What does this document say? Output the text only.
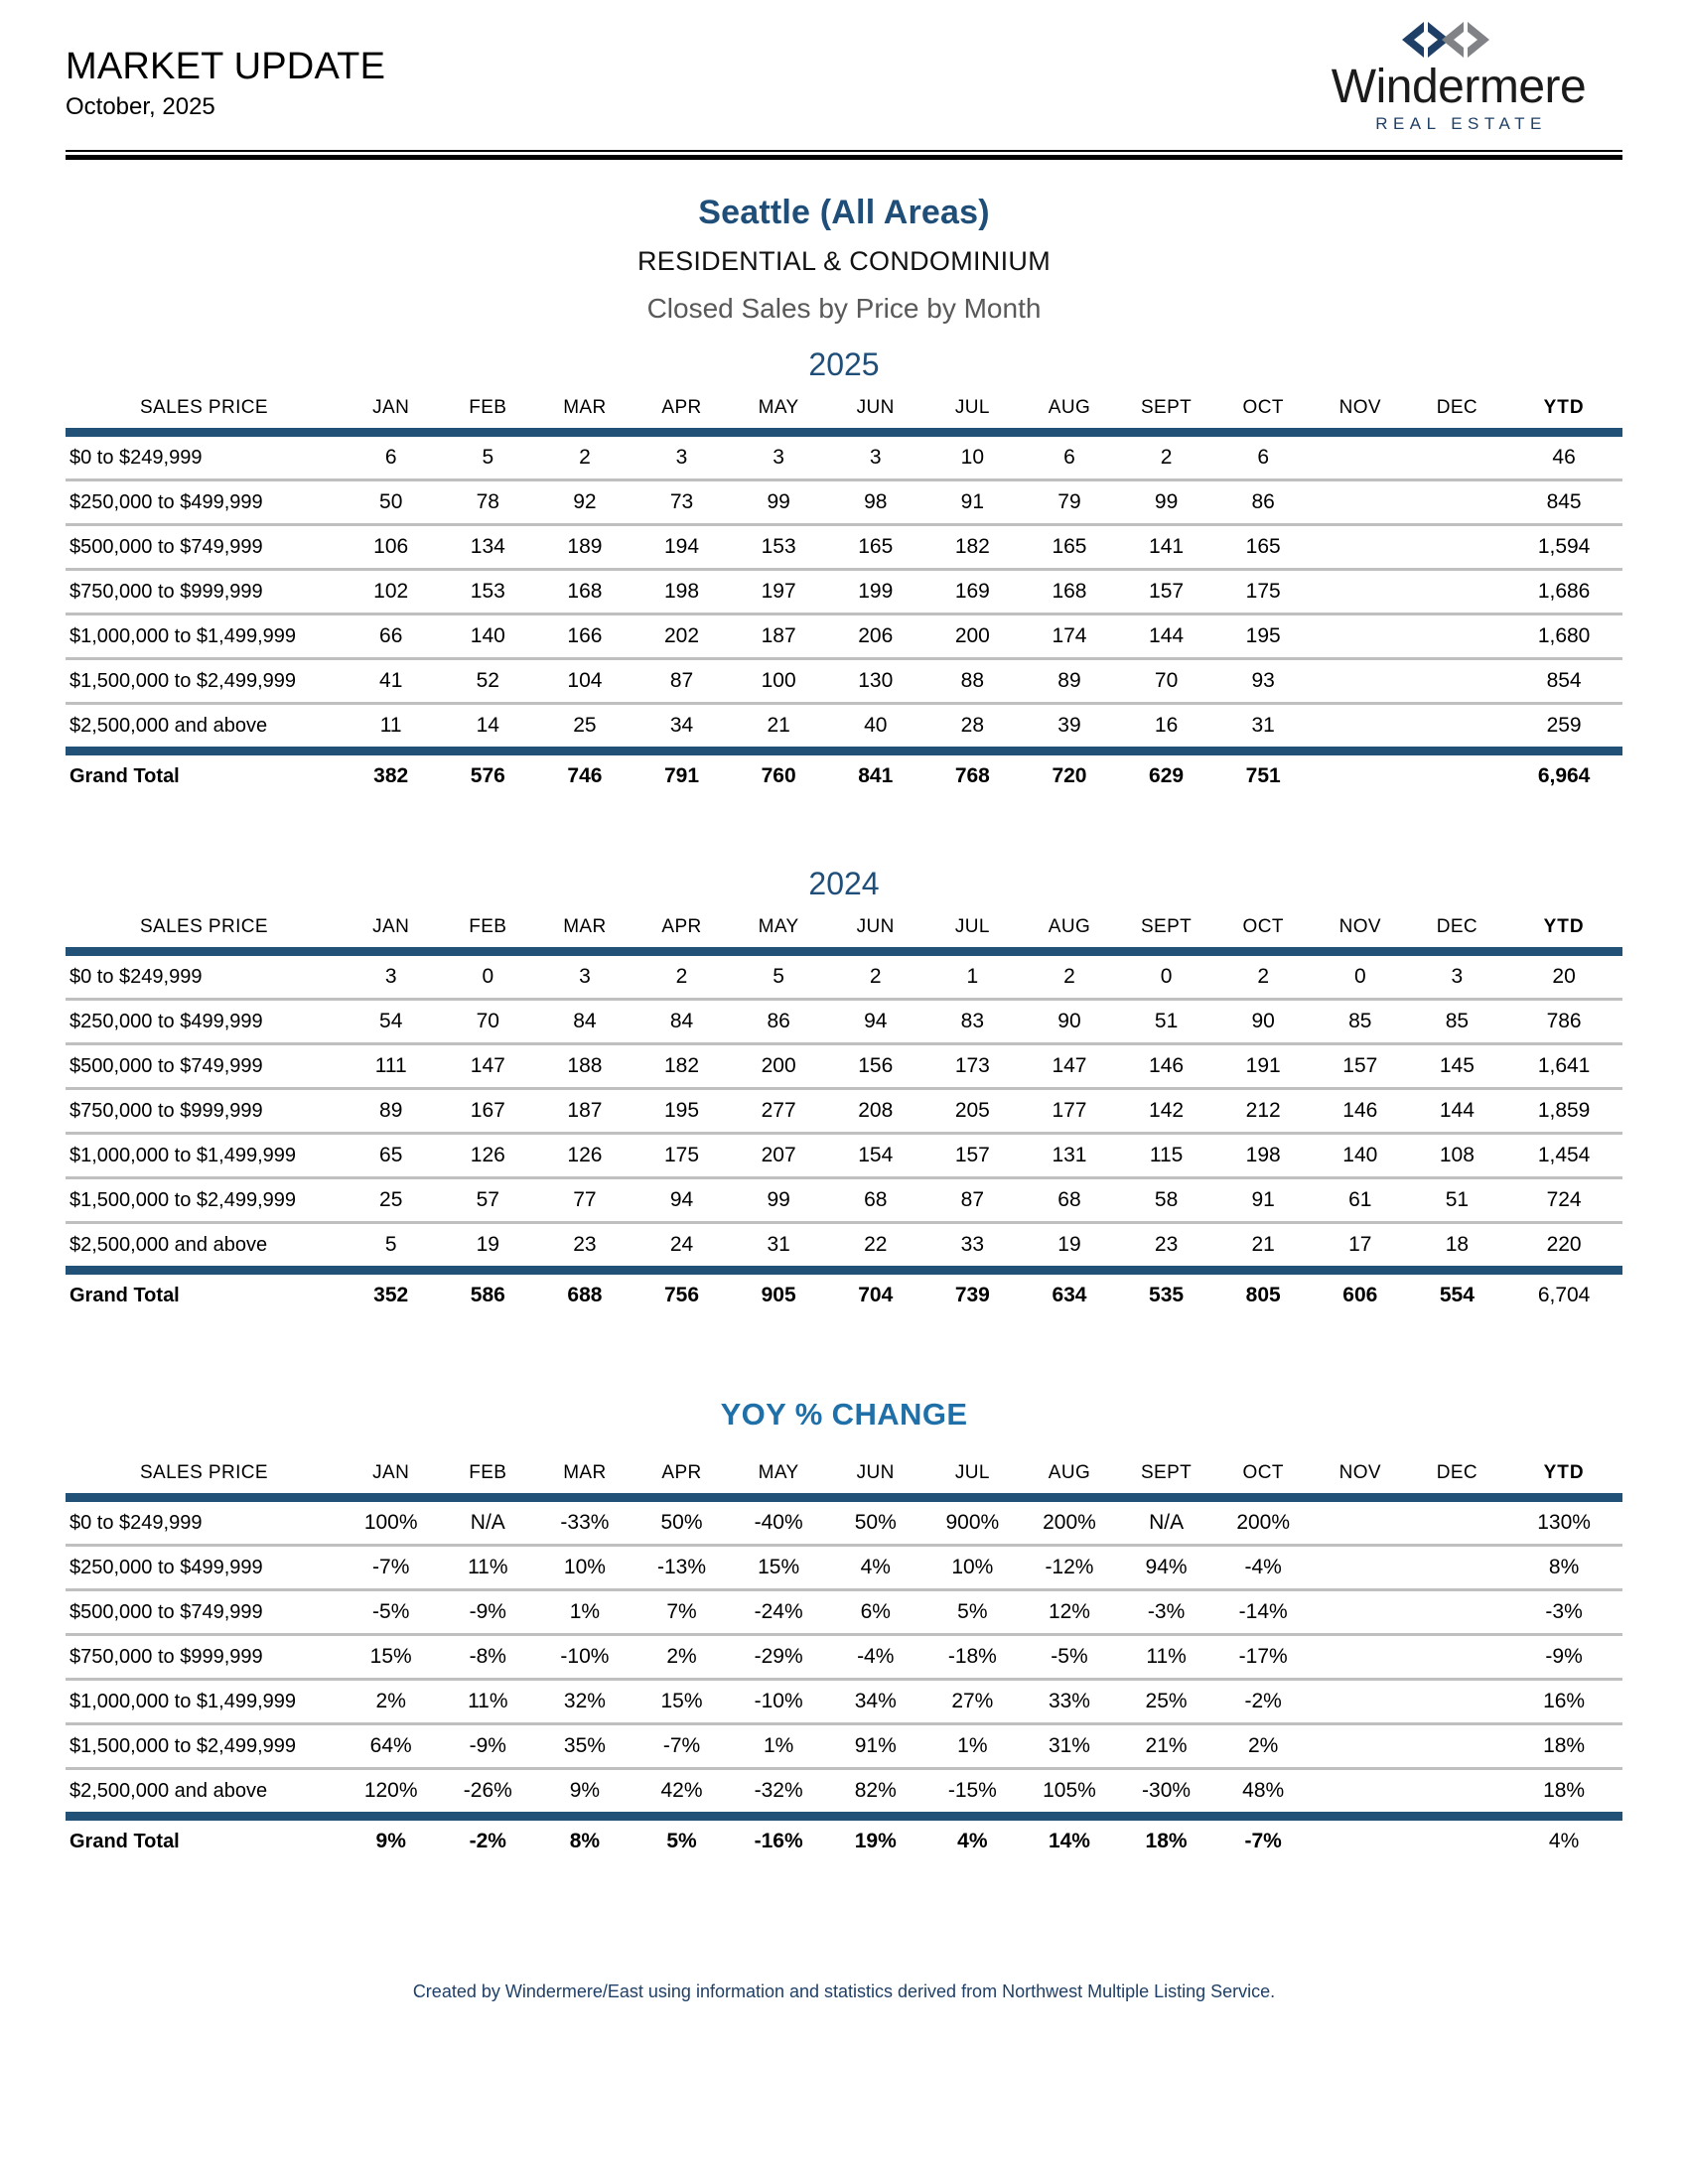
MARKET UPDATE
October, 2025	Windermere
REAL ESTATE
Seattle (All Areas)
RESIDENTIAL & CONDOMINIUM
Closed Sales by Price by Month
2025
SALES PRICE	JAN	FEB	MAR	APR	MAY	JUN	JUL	AUG	SEPT	OCT	NOV	DEC	YTD

$0 to $249,999	6	5	2	3	3	3	10	6	2	6			46
$250,000 to $499,999	50	78	92	73	99	98	91	79	99	86			845
$500,000 to $749,999	106	134	189	194	153	165	182	165	141	165			1,594
$750,000 to $999,999	102	153	168	198	197	199	169	168	157	175			1,686
$1,000,000 to $1,499,999	66	140	166	202	187	206	200	174	144	195			1,680
$1,500,000 to $2,499,999	41	52	104	87	100	130	88	89	70	93			854
$2,500,000 and above	11	14	25	34	21	40	28	39	16	31			259

Grand Total	382	576	746	791	760	841	768	720	629	751			6,964
2024
SALES PRICE	JAN	FEB	MAR	APR	MAY	JUN	JUL	AUG	SEPT	OCT	NOV	DEC	YTD

$0 to $249,999	3	0	3	2	5	2	1	2	0	2	0	3	20
$250,000 to $499,999	54	70	84	84	86	94	83	90	51	90	85	85	786
$500,000 to $749,999	111	147	188	182	200	156	173	147	146	191	157	145	1,641
$750,000 to $999,999	89	167	187	195	277	208	205	177	142	212	146	144	1,859
$1,000,000 to $1,499,999	65	126	126	175	207	154	157	131	115	198	140	108	1,454
$1,500,000 to $2,499,999	25	57	77	94	99	68	87	68	58	91	61	51	724
$2,500,000 and above	5	19	23	24	31	22	33	19	23	21	17	18	220

Grand Total	352	586	688	756	905	704	739	634	535	805	606	554	6,704
YOY % CHANGE
SALES PRICE	JAN	FEB	MAR	APR	MAY	JUN	JUL	AUG	SEPT	OCT	NOV	DEC	YTD

$0 to $249,999	100%	N/A	-33%	50%	-40%	50%	900%	200%	N/A	200%			130%
$250,000 to $499,999	-7%	11%	10%	-13%	15%	4%	10%	-12%	94%	-4%			8%
$500,000 to $749,999	-5%	-9%	1%	7%	-24%	6%	5%	12%	-3%	-14%			-3%
$750,000 to $999,999	15%	-8%	-10%	2%	-29%	-4%	-18%	-5%	11%	-17%			-9%
$1,000,000 to $1,499,999	2%	11%	32%	15%	-10%	34%	27%	33%	25%	-2%			16%
$1,500,000 to $2,499,999	64%	-9%	35%	-7%	1%	91%	1%	31%	21%	2%			18%
$2,500,000 and above	120%	-26%	9%	42%	-32%	82%	-15%	105%	-30%	48%			18%

Grand Total	9%	-2%	8%	5%	-16%	19%	4%	14%	18%	-7%			4%
Created by Windermere/East using information and statistics derived from Northwest Multiple Listing Service.
